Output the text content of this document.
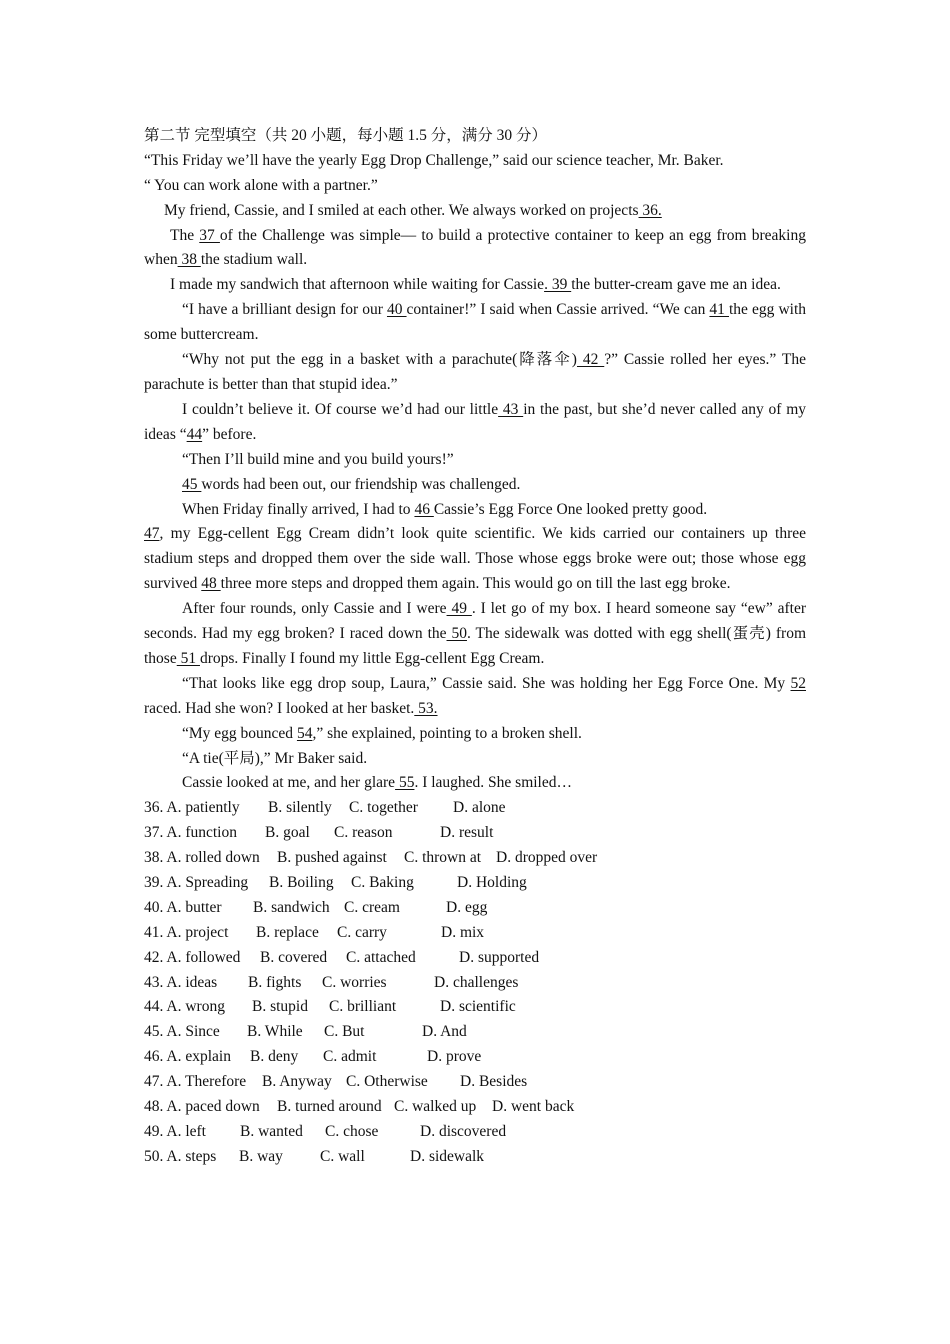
第二节 完型填空（共 20 小题，每小题 1.5 分，满分 30 分）
“This Friday we’ll have the yearly Egg Drop Challenge,” said our science teacher, Mr. Baker.
“ You can work alone with a partner.”
My friend, Cassie, and I smiled at each other. We always worked on projects 36.
The 37 of the Challenge was simple— to build a protective container to keep an egg from breaking when 38 the stadium wall.
I made my sandwich that afternoon while waiting for Cassie. 39 the butter-cream gave me an idea.
“I have a brilliant design for our 40 container!” I said when Cassie arrived. “We can 41 the egg with some buttercream.
“Why not put the egg in a basket with a parachute(降落伞) 42 ?” Cassie rolled her eyes.” The parachute is better than that stupid idea.”
I couldn’t believe it. Of course we’d had our little 43 in the past, but she’d never called any of my ideas “44” before.
“Then I’ll build mine and you build yours!”
45 words had been out, our friendship was challenged.
When Friday finally arrived, I had to 46 Cassie’s Egg Force One looked pretty good.
47, my Egg-cellent Egg Cream didn’t look quite scientific. We kids carried our containers up three stadium steps and dropped them over the side wall. Those whose eggs broke were out; those whose egg survived 48 three more steps and dropped them again. This would go on till the last egg broke.
After four rounds, only Cassie and I were 49 . I let go of my box. I heard someone say “ew” after seconds. Had my egg broken? I raced down the 50. The sidewalk was dotted with egg shell(蛋壳) from those 51 drops. Finally I found my little Egg-cellent Egg Cream.
“That looks like egg drop soup, Laura,” Cassie said. She was holding her Egg Force One. My 52 raced. Had she won? I looked at her basket. 53.
“My egg bounced 54,” she explained, pointing to a broken shell.
“A tie(平局),” Mr Baker said.
Cassie looked at me, and her glare 55. I laughed. She smiled…
36. A. patiently B. silently C. together D. alone
37. A. function B. goal C. reason	D. result
38. A. rolled down B. pushed against C. thrown at D. dropped over
39. A. Spreading B. Boiling C. Baking	D. Holding
40. A. butter B. sandwich C. cream	D. egg
41. A. project B. replace C. carry	D. mix
42. A. followed B. covered C. attached	D. supported
43. A. ideas B. fights C. worries	D. challenges
44. A. wrong B. stupid C. brilliant	D. scientific
45. A. Since B. While C. But	D. And
46. A. explain B. deny C. admit	D. prove
47. A. Therefore B. Anyway C. Otherwise D. Besides
48. A. paced down B. turned around C. walked up D. went back
49. A. left B. wanted C. chose	D. discovered
50. A. steps B. way C. wall	D. sidewalk
